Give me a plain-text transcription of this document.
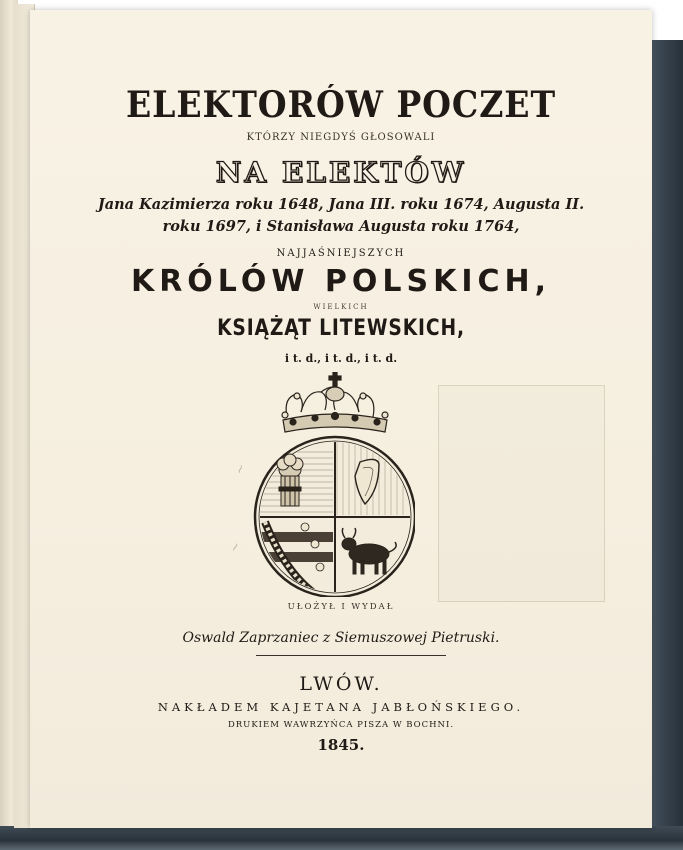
ELEKTORÓW POCZET
KTÓRZY NIEGDYŚ GŁOSOWALI
NA ELEKTÓW
Jana Kazimierza roku 1648, Jana III. roku 1674, Augusta II.
roku 1697, i Stanisława Augusta roku 1764,
NAJJAŚNIEJSZYCH
KRÓLÓW POLSKICH,
WIELKICH
KSIĄŻĄT LITEWSKICH,
i t. d., i t. d., i t. d.
~
~
UŁOŻYŁ I WYDAŁ
Oswald Zaprzaniec z Siemuszowej Pietruski.
LWÓW.
NAKŁADEM KAJETANA JABŁOŃSKIEGO.
DRUKIEM WAWRZYŃCA PISZA W BOCHNI.
1845.
